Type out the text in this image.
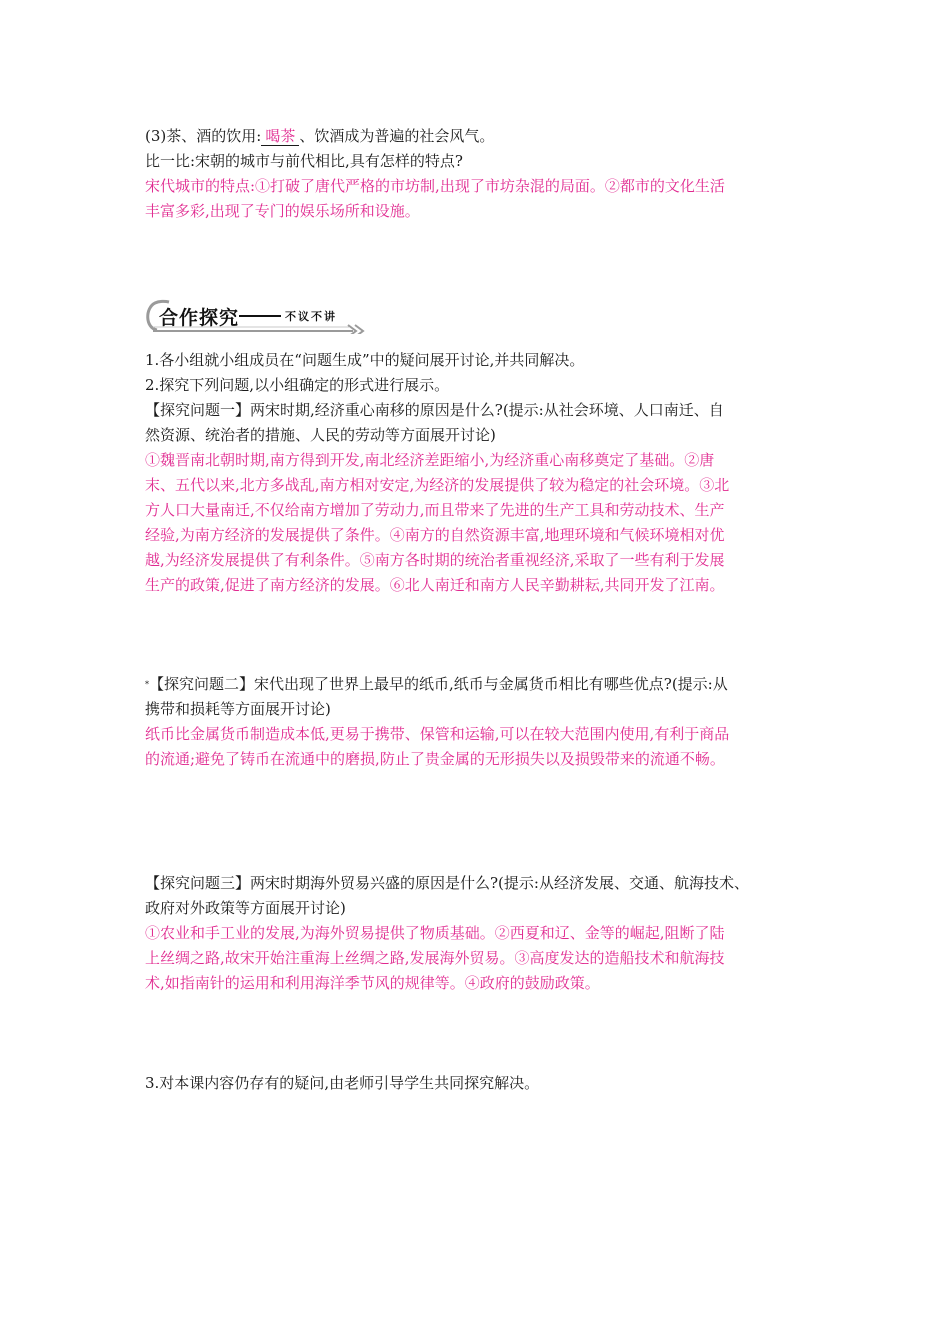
(3)茶、酒的饮用: 喝茶 、饮酒成为普遍的社会风气。
比一比:宋朝的城市与前代相比,具有怎样的特点?
宋代城市的特点:①打破了唐代严格的市坊制,出现了市坊杂混的局面。②都市的文化生活
丰富多彩,出现了专门的娱乐场所和设施。
合作探究	不议不讲
1.各小组就小组成员在“问题生成”中的疑问展开讨论,并共同解决。
2.探究下列问题,以小组确定的形式进行展示。
【探究问题一】两宋时期,经济重心南移的原因是什么?(提示:从社会环境、人口南迁、自
然资源、统治者的措施、人民的劳动等方面展开讨论)
①魏晋南北朝时期,南方得到开发,南北经济差距缩小,为经济重心南移奠定了基础。②唐
末、五代以来,北方多战乱,南方相对安定,为经济的发展提供了较为稳定的社会环境。③北
方人口大量南迁,不仅给南方增加了劳动力,而且带来了先进的生产工具和劳动技术、生产
经验,为南方经济的发展提供了条件。④南方的自然资源丰富,地理环境和气候环境相对优
越,为经济发展提供了有利条件。⑤南方各时期的统治者重视经济,采取了一些有利于发展
生产的政策,促进了南方经济的发展。⑥北人南迁和南方人民辛勤耕耘,共同开发了江南。
*【探究问题二】宋代出现了世界上最早的纸币,纸币与金属货币相比有哪些优点?(提示:从
携带和损耗等方面展开讨论)
纸币比金属货币制造成本低,更易于携带、保管和运输,可以在较大范围内使用,有利于商品
的流通;避免了铸币在流通中的磨损,防止了贵金属的无形损失以及损毁带来的流通不畅。
【探究问题三】两宋时期海外贸易兴盛的原因是什么?(提示:从经济发展、交通、航海技术、
政府对外政策等方面展开讨论)
①农业和手工业的发展,为海外贸易提供了物质基础。②西夏和辽、金等的崛起,阻断了陆
上丝绸之路,故宋开始注重海上丝绸之路,发展海外贸易。③高度发达的造船技术和航海技
术,如指南针的运用和利用海洋季节风的规律等。④政府的鼓励政策。
3.对本课内容仍存有的疑问,由老师引导学生共同探究解决。
